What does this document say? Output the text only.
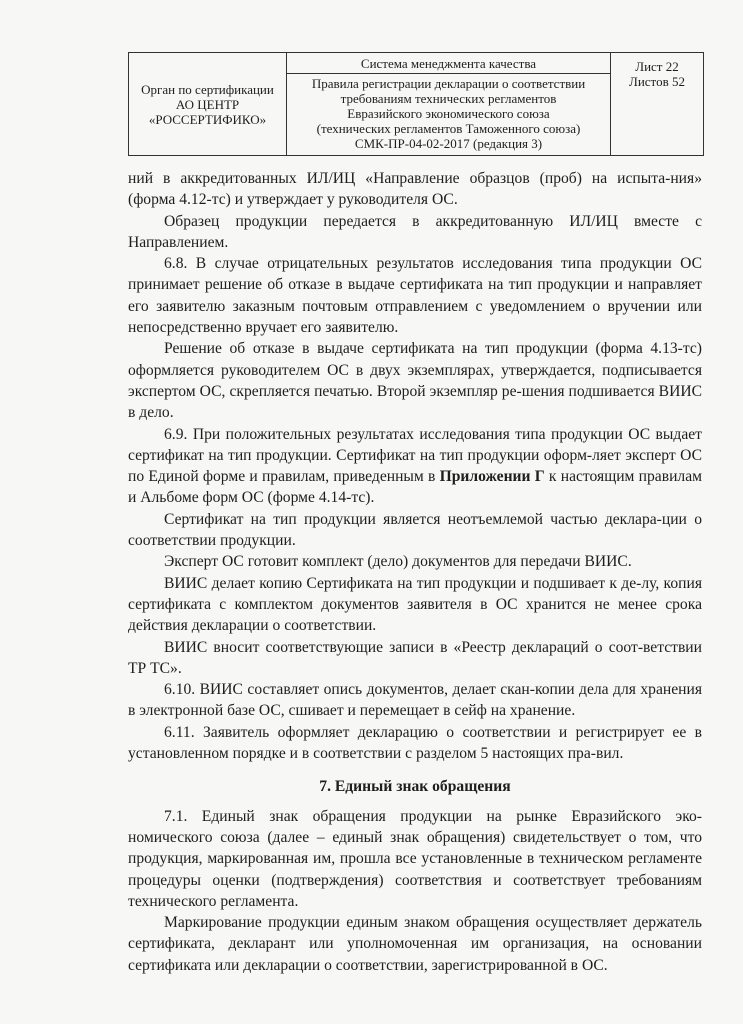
Орган по сертификации
АО ЦЕНТР
«РОССЕРТИФИКО»
Система менеджмента качества
Правила регистрации декларации о соответствии
требованиям технических регламентов
Евразийского экономического союза
(технических регламентов Таможенного союза)
СМК-ПР-04-02-2017 (редакция 3)
Лист 22
Листов 52

ний в аккредитованных ИЛ/ИЦ «Направление образцов (проб) на испыта-ния» (форма 4.12-тс) и утверждает у руководителя ОС.

Образец продукции передается в аккредитованную ИЛ/ИЦ вместе с Направлением.

6.8. В случае отрицательных результатов исследования типа продукции ОС принимает решение об отказе в выдаче сертификата на тип продукции и направляет его заявителю заказным почтовым отправлением с уведомлением о вручении или непосредственно вручает его заявителю.

Решение об отказе в выдаче сертификата на тип продукции (форма 4.13-тс) оформляется руководителем ОС в двух экземплярах, утверждается, подписывается экспертом ОС, скрепляется печатью. Второй экземпляр ре-шения подшивается ВИИС в дело.

6.9. При положительных результатах исследования типа продукции ОС выдает сертификат на тип продукции. Сертификат на тип продукции оформ-ляет эксперт ОС по Единой форме и правилам, приведенным в Приложении Г к настоящим правилам и Альбоме форм ОС (форме 4.14-тс).

Сертификат на тип продукции является неотъемлемой частью деклара-ции о соответствии продукции.

Эксперт ОС готовит комплект (дело) документов для передачи ВИИС.

ВИИС делает копию Сертификата на тип продукции и подшивает к де-лу, копия сертификата с комплектом документов заявителя в ОС хранится не менее срока действия декларации о соответствии.

ВИИС вносит соответствующие записи в «Реестр деклараций о соот-ветствии ТР ТС».

6.10. ВИИС составляет опись документов, делает скан-копии дела для хранения в электронной базе ОС, сшивает и перемещает в сейф на хранение.

6.11. Заявитель оформляет декларацию о соответствии и регистрирует ее в установленном порядке и в соответствии с разделом 5 настоящих пра-вил.

7. Единый знак обращения

7.1. Единый знак обращения продукции на рынке Евразийского эко-номического союза (далее – единый знак обращения) свидетельствует о том, что продукция, маркированная им, прошла все установленные в техническом регламенте процедуры оценки (подтверждения) соответствия и соответствует требованиям технического регламента.

Маркирование продукции единым знаком обращения осуществляет держатель сертификата, декларант или уполномоченная им организация, на основании сертификата или декларации о соответствии, зарегистрированной в ОС.
